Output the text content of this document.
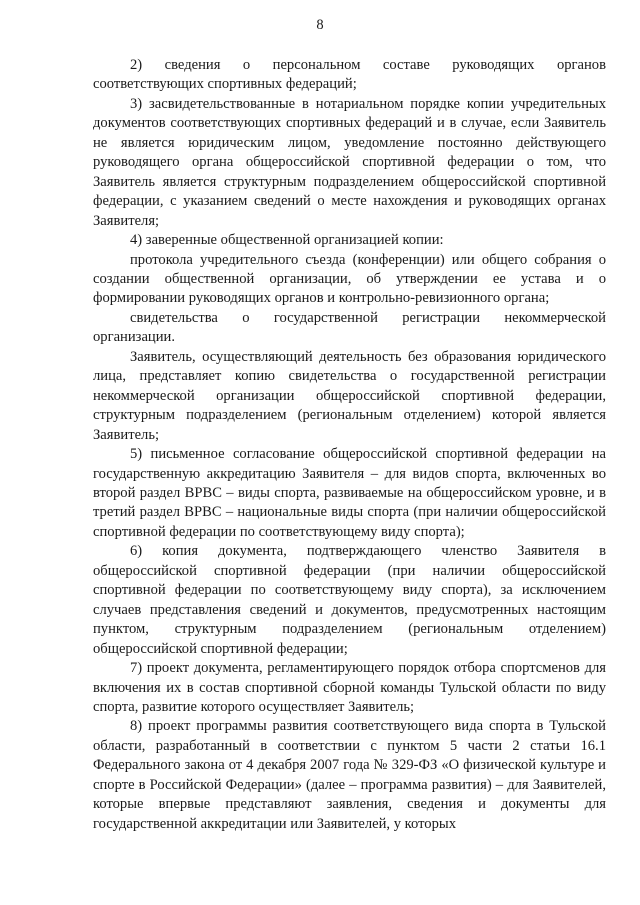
8

2) сведения о персональном составе руководящих органов соответствующих спортивных федераций;

3) засвидетельствованные в нотариальном порядке копии учредительных документов соответствующих спортивных федераций и в случае, если Заявитель не является юридическим лицом, уведомление постоянно действующего руководящего органа общероссийской спортивной федерации о том, что Заявитель является структурным подразделением общероссийской спортивной федерации, с указанием сведений о месте нахождения и руководящих органах Заявителя;

4) заверенные общественной организацией копии:

протокола учредительного съезда (конференции) или общего собрания о создании общественной организации, об утверждении ее устава и о формировании руководящих органов и контрольно-ревизионного органа;

свидетельства о государственной регистрации некоммерческой организации.

Заявитель, осуществляющий деятельность без образования юридического лица, представляет копию свидетельства о государственной регистрации некоммерческой организации общероссийской спортивной федерации, структурным подразделением (региональным отделением) которой является Заявитель;

5) письменное согласование общероссийской спортивной федерации на государственную аккредитацию Заявителя – для видов спорта, включенных во второй раздел ВРВС – виды спорта, развиваемые на общероссийском уровне, и в третий раздел ВРВС – национальные виды спорта (при наличии общероссийской спортивной федерации по соответствующему виду спорта);

6) копия документа, подтверждающего членство Заявителя в общероссийской спортивной федерации (при наличии общероссийской спортивной федерации по соответствующему виду спорта), за исключением случаев представления сведений и документов, предусмотренных настоящим пунктом, структурным подразделением (региональным отделением) общероссийской спортивной федерации;

7) проект документа, регламентирующего порядок отбора спортсменов для включения их в состав спортивной сборной команды Тульской области по виду спорта, развитие которого осуществляет Заявитель;

8) проект программы развития соответствующего вида спорта в Тульской области, разработанный в соответствии с пунктом 5 части 2 статьи 16.1 Федерального закона от 4 декабря 2007 года № 329-ФЗ «О физической культуре и спорте в Российской Федерации» (далее – программа развития) – для Заявителей, которые впервые представляют заявления, сведения и документы для государственной аккредитации или Заявителей, у которых
